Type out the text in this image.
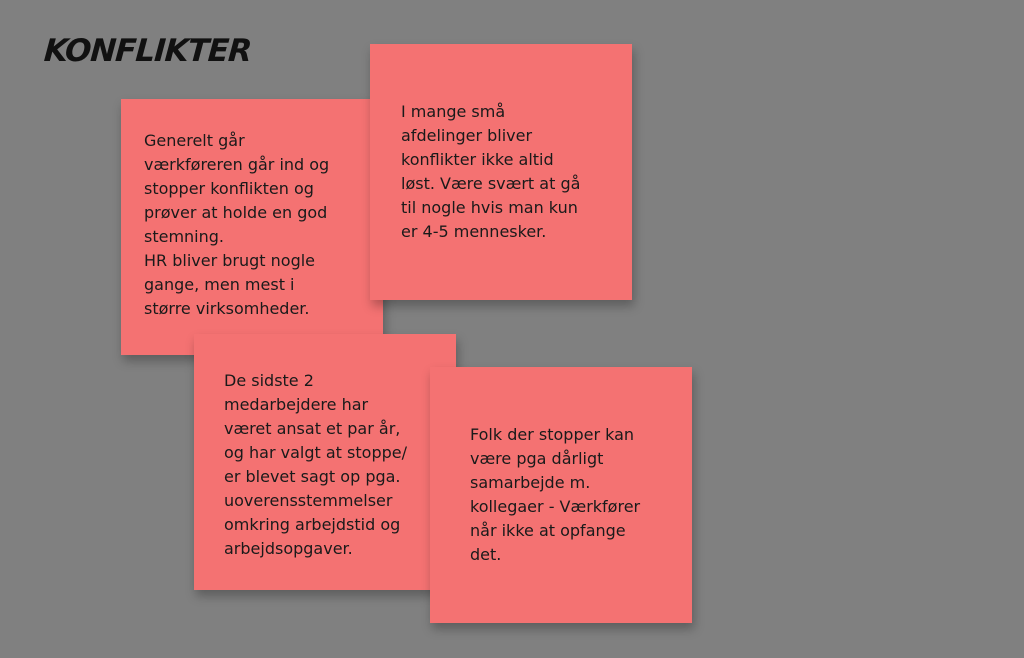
KONFLIKTER
Generelt går
værkføreren går ind og
stopper konflikten og
prøver at holde en god
stemning.
HR bliver brugt nogle
gange, men mest i
større virksomheder.
I mange små
afdelinger bliver
konflikter ikke altid
løst. Være svært at gå
til nogle hvis man kun
er 4-5 mennesker.
De sidste 2
medarbejdere har
været ansat et par år,
og har valgt at stoppe/
er blevet sagt op pga.
uoverensstemmelser
omkring arbejdstid og
arbejdsopgaver.
Folk der stopper kan
være pga dårligt
samarbejde m.
kollegaer - Værkfører
når ikke at opfange
det.
